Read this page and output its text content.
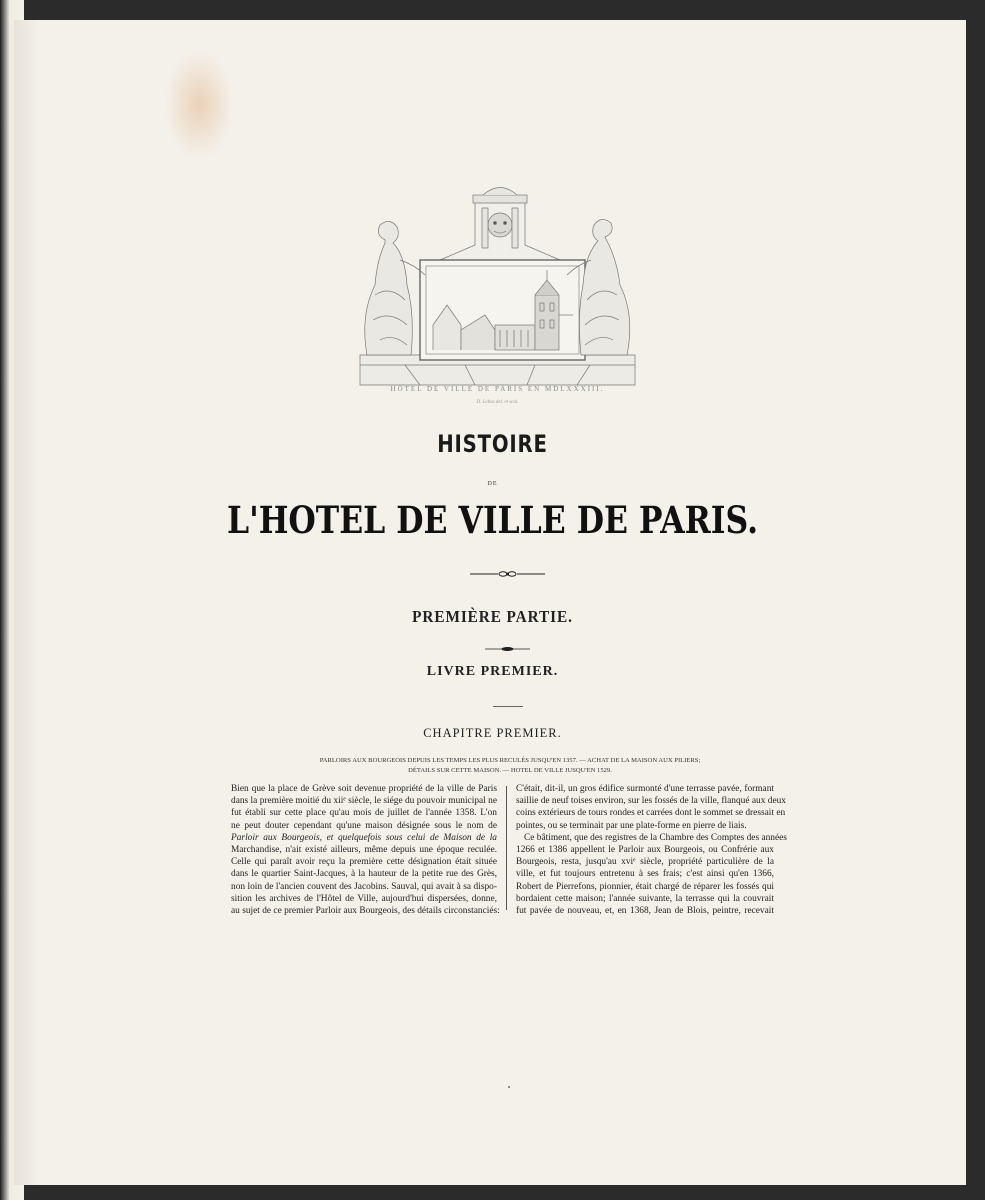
HÔTEL DE VILLE DE PARIS EN MDLXXXIII.
D. Lebas del. et scul.
HISTOIRE
DE
L'HOTEL DE VILLE DE PARIS.
PREMIÈRE PARTIE.
LIVRE PREMIER.
CHAPITRE PREMIER.
PARLOIRS AUX BOURGEOIS DEPUIS LES TEMPS LES PLUS RECULÉS JUSQU'EN 1357. — ACHAT DE LA MAISON AUX PILIERS;
DÉTAILS SUR CETTE MAISON. — HOTEL DE VILLE JUSQU'EN 1529.
Bien que la place de Grève soit devenue propriété de la ville de Paris
dans la première moitié du xiiᵉ siècle, le siége du pouvoir municipal ne
fut établi sur cette place qu'au mois de juillet de l'année 1358. L'on
ne peut douter cependant qu'une maison désignée sous le nom de
Parloir aux Bourgeois, et quelquefois sous celui de Maison de la
Marchandise, n'ait existé ailleurs, même depuis une époque reculée.
Celle qui paraît avoir reçu la première cette désignation était située
dans le quartier Saint-Jacques, à la hauteur de la petite rue des Grès,
non loin de l'ancien couvent des Jacobins. Sauval, qui avait à sa dispo-
sition les archives de l'Hôtel de Ville, aujourd'hui dispersées, donne,
au sujet de ce premier Parloir aux Bourgeois, des détails circonstanciés:
C'était, dit-il, un gros édifice surmonté d'une terrasse pavée, formant
saillie de neuf toises environ, sur les fossés de la ville, flanqué aux deux
coins extérieurs de tours rondes et carrées dont le sommet se dressait en
pointes, ou se terminait par une plate-forme en pierre de liais.
Ce bâtiment, que des registres de la Chambre des Comptes des années
1266 et 1386 appellent le Parloir aux Bourgeois, ou Confrérie aux
Bourgeois, resta, jusqu'au xviᵉ siècle, propriété particulière de la
ville, et fut toujours entretenu à ses frais; c'est ainsi qu'en 1366,
Robert de Pierrefons, pionnier, était chargé de réparer les fossés qui
bordaient cette maison; l'année suivante, la terrasse qui la couvrait
fut pavée de nouveau, et, en 1368, Jean de Blois, peintre, recevait
